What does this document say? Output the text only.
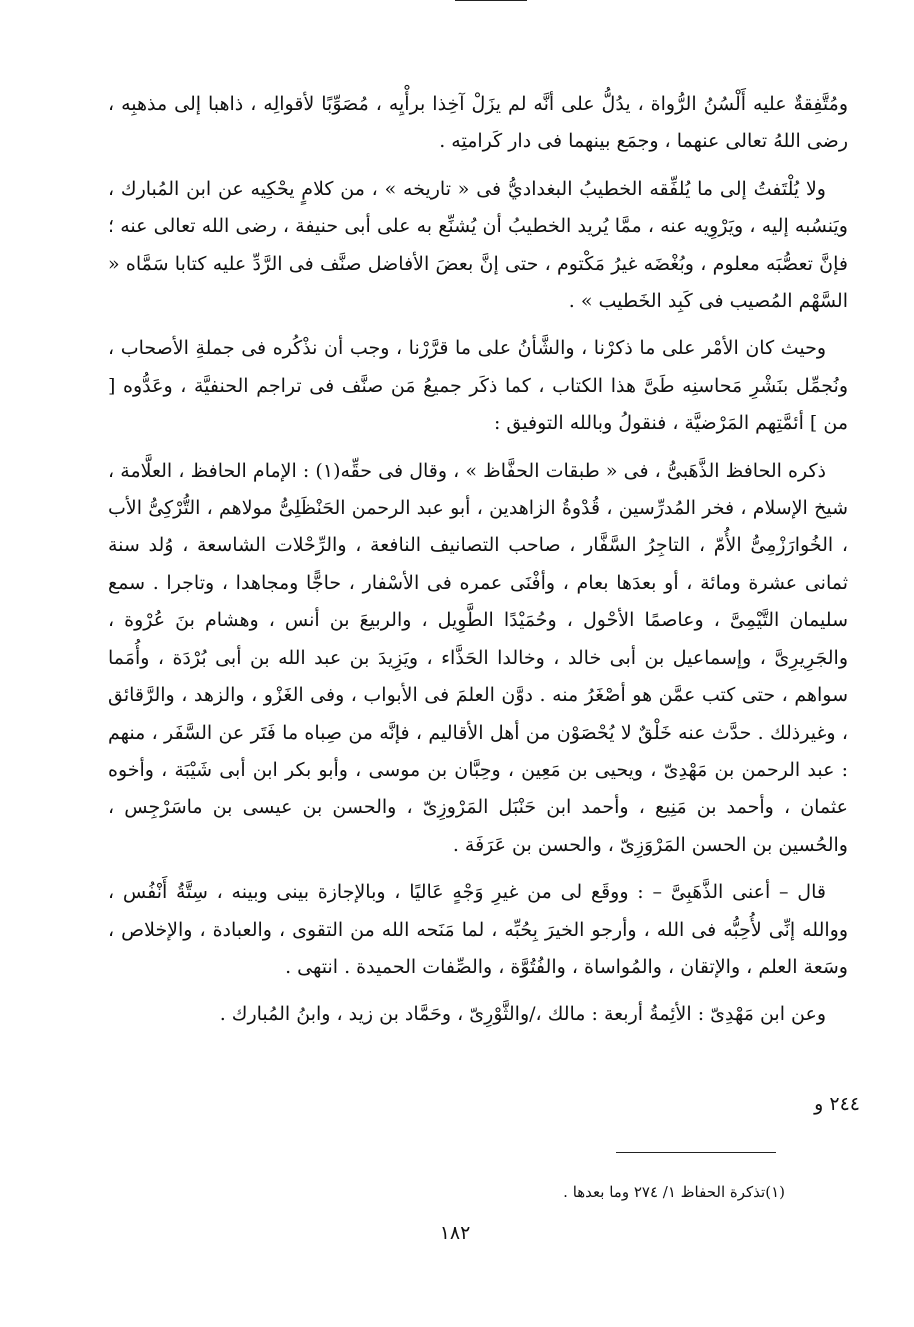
ومُتَّفِقةٌ عليه أَلْسُنُ الرُّواة ، يدُلُّ على أنَّه لم يزَلْ آخِذا برأْيِه ، مُصَوِّبًا لأقوالِه ، ذاهبا إلى مذهبِه ، رضى اللهُ تعالى عنهما ، وجمَع بينهما فى دار كَرامتِه .

ولا يُلْتَفتُ إلى ما يُلفِّقه الخطيبُ البغداديُّ فى « تاريخه » ، من كلامٍ يحْكِيه عن ابن المُبارك ، ويَنسُبه إليه ، ويَرْوِيه عنه ، ممَّا يُريد الخطيبُ أن يُشنِّع به على أبى حنيفة ، رضى الله تعالى عنه ؛ فإنَّ تعصُّبَه معلوم ، وبُغْضَه غيرُ مَكْتوم ، حتى إنَّ بعضَ الأفاضل صنَّف فى الرَّدِّ عليه كتابا سَمَّاه « السَّهْم المُصيب فى كَبِد الخَطيب » .

وحيث كان الأمْر على ما ذكرْنا ، والشَّأنُ على ما قرَّرْنا ، وجب أن نذْكُره فى جملةِ الأصحاب ، ونُجمِّل بنَشْرِ مَحاسنِه طَىَّ هذا الكتاب ، كما ذكَر جميعُ مَن صنَّف فى تراجم الحنفيَّة ، وعَدُّوه [ من ] أئمَّتِهم المَرْضيَّة ، فنقولُ وبالله التوفيق :

ذكره الحافظ الذَّهَبىُّ ، فى « طبقات الحفَّاظ » ، وقال فى حقِّه(١) : الإمام الحافظ ، العلَّامة ، شيخ الإسلام ، فخر المُدرِّسين ، قُدْوةُ الزاهدين ، أبو عبد الرحمن الحَنْظَلِىُّ مولاهم ، التُّرْكِىُّ الأب ، الخُوارَزْمِىُّ الأُمّ ، التاجِرُ السَّفَّار ، صاحب التصانيف النافعة ، والرِّحْلات الشاسعة ، وُلد سنة ثمانى عشرة ومائة ، أو بعدَها بعام ، وأفْنَى عمره فى الأسْفار ، حاجًّا ومجاهدا ، وتاجرا . سمع سليمان التَّيْمِىَّ ، وعاصمًا الأحْول ، وحُمَيْدًا الطَّوِيل ، والربيعَ بن أنس ، وهشام بنَ عُرْوة ، والجَرِيرِىَّ ، وإسماعيل بن أبى خالد ، وخالدا الحَذَّاء ، ويَزِيدَ بن عبد الله بن أبى بُرْدَة ، وأُمَما سواهم ، حتى كتب عمَّن هو أصْغَرُ منه . دوَّن العلمَ فى الأبواب ، وفى الغَزْو ، والزهد ، والرَّقائق ، وغيرذلك . حدَّث عنه خَلْقٌ لا يُحْصَوْن من أهل الأقاليم ، فإنَّه من صِباه ما فَتَر عن السَّفَر ، منهم : عبد الرحمن بن مَهْدِىّ ، ويحيى بن مَعِين ، وحِبَّان بن موسى ، وأبو بكر ابن أبى شَيْبَة ، وأخوه عثمان ، وأحمد بن مَنِيع ، وأحمد ابن حَنْبَل المَرْوزِىّ ، والحسن بن عيسى بن ماسَرْجِس ، والحُسين بن الحسن المَرْوَزِىّ ، والحسن بن عَرَفَة .

قال – أعنى الذَّهَبِىَّ – : ووقَع لى من غيرِ وَجْهٍ عَاليًا ، وبالإجازة بينى وبينه ، سِتَّةُ أَنْفُس ، ووالله إنِّى لأُحِبُّه فى الله ، وأرجو الخيرَ بِحُبِّه ، لما مَنَحه الله من التقوى ، والعبادة ، والإخلاص ، وسَعة العلم ، والإتقان ، والمُواساة ، والفُتُوَّة ، والصِّفات الحميدة . انتهى .

وعن ابن مَهْدِىّ : الأئِمةُ أربعة : مالك ،/والثَّوْرِىّ ، وحَمَّاد بن زيد ، وابنُ المُبارك .

٢٤٤ و
(١)تذكرة الحفاظ ١/ ٢٧٤ وما بعدها .
١٨٢
